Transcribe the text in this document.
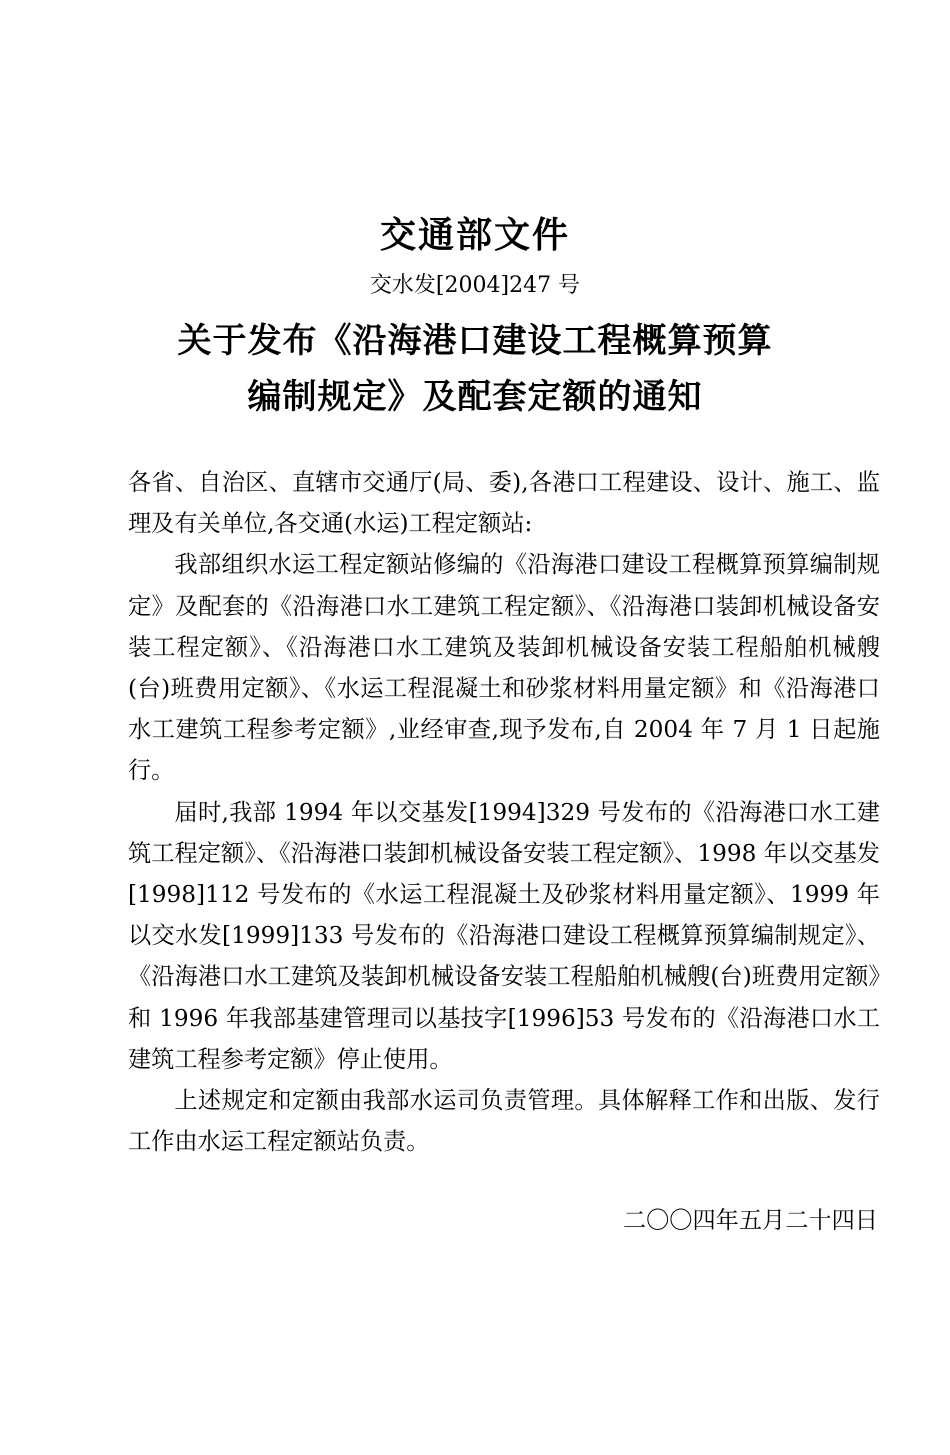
交通部文件
交水发[2004]247 号
关于发布《沿海港口建设工程概算预算
编制规定》及配套定额的通知

各省、自治区、直辖市交通厅(局、委),各港口工程建设、设计、施工、监理及有关单位,各交通(水运)工程定额站:

我部组织水运工程定额站修编的《沿海港口建设工程概算预算编制规定》及配套的《沿海港口水工建筑工程定额》、《沿海港口装卸机械设备安装工程定额》、《沿海港口水工建筑及装卸机械设备安装工程船舶机械艘(台)班费用定额》、《水运工程混凝土和砂浆材料用量定额》和《沿海港口水工建筑工程参考定额》,业经审查,现予发布,自 2004 年 7 月 1 日起施行。

届时,我部 1994 年以交基发[1994]329 号发布的《沿海港口水工建筑工程定额》、《沿海港口装卸机械设备安装工程定额》、1998 年以交基发[1998]112 号发布的《水运工程混凝土及砂浆材料用量定额》、1999 年以交水发[1999]133 号发布的《沿海港口建设工程概算预算编制规定》、《沿海港口水工建筑及装卸机械设备安装工程船舶机械艘(台)班费用定额》和 1996 年我部基建管理司以基技字[1996]53 号发布的《沿海港口水工建筑工程参考定额》停止使用。

上述规定和定额由我部水运司负责管理。具体解释工作和出版、发行工作由水运工程定额站负责。

二〇〇四年五月二十四日
